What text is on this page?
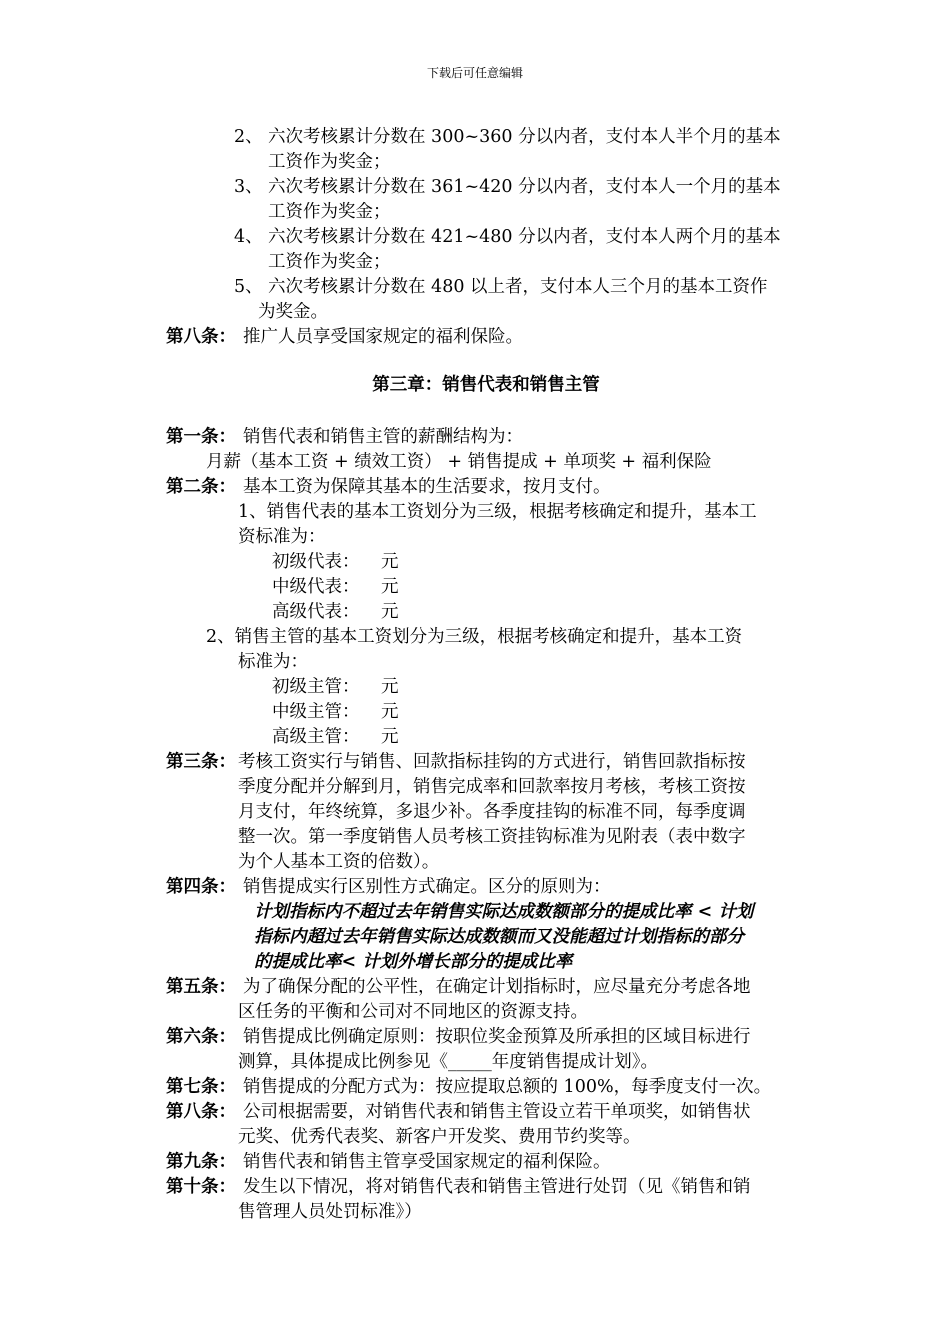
下载后可任意编辑
2、 六次考核累计分数在 300~360 分以内者，支付本人半个月的基本
工资作为奖金；
3、 六次考核累计分数在 361~420 分以内者，支付本人一个月的基本
工资作为奖金；
4、 六次考核累计分数在 421~480 分以内者，支付本人两个月的基本
工资作为奖金；
5、 六次考核累计分数在 480 以上者，支付本人三个月的基本工资作
为奖金。
第八条： 推广人员享受国家规定的福利保险。
第三章：销售代表和销售主管
第一条： 销售代表和销售主管的薪酬结构为：
月薪（基本工资 + 绩效工资） + 销售提成 + 单项奖 + 福利保险
第二条： 基本工资为保障其基本的生活要求，按月支付。
1、销售代表的基本工资划分为三级，根据考核确定和提升，基本工
资标准为：
初级代表： 元
中级代表： 元
高级代表： 元
2、销售主管的基本工资划分为三级，根据考核确定和提升，基本工资
标准为：
初级主管： 元
中级主管： 元
高级主管： 元
第三条： 考核工资实行与销售、回款指标挂钩的方式进行，销售回款指标按
季度分配并分解到月，销售完成率和回款率按月考核，考核工资按
月支付，年终统算，多退少补。各季度挂钩的标准不同，每季度调
整一次。第一季度销售人员考核工资挂钩标准为见附表（表中数字
为个人基本工资的倍数）。
第四条： 销售提成实行区别性方式确定。区分的原则为：
计划指标内不超过去年销售实际达成数额部分的提成比率 < 计划
指标内超过去年销售实际达成数额而又没能超过计划指标的部分
的提成比率< 计划外增长部分的提成比率
第五条： 为了确保分配的公平性，在确定计划指标时，应尽量充分考虑各地
区任务的平衡和公司对不同地区的资源支持。
第六条： 销售提成比例确定原则：按职位奖金预算及所承担的区域目标进行
测算，具体提成比例参见《_____年度销售提成计划》。
第七条： 销售提成的分配方式为：按应提取总额的 100%，每季度支付一次。
第八条： 公司根据需要，对销售代表和销售主管设立若干单项奖，如销售状
元奖、优秀代表奖、新客户开发奖、费用节约奖等。
第九条： 销售代表和销售主管享受国家规定的福利保险。
第十条： 发生以下情况，将对销售代表和销售主管进行处罚（见《销售和销
售管理人员处罚标准》）
